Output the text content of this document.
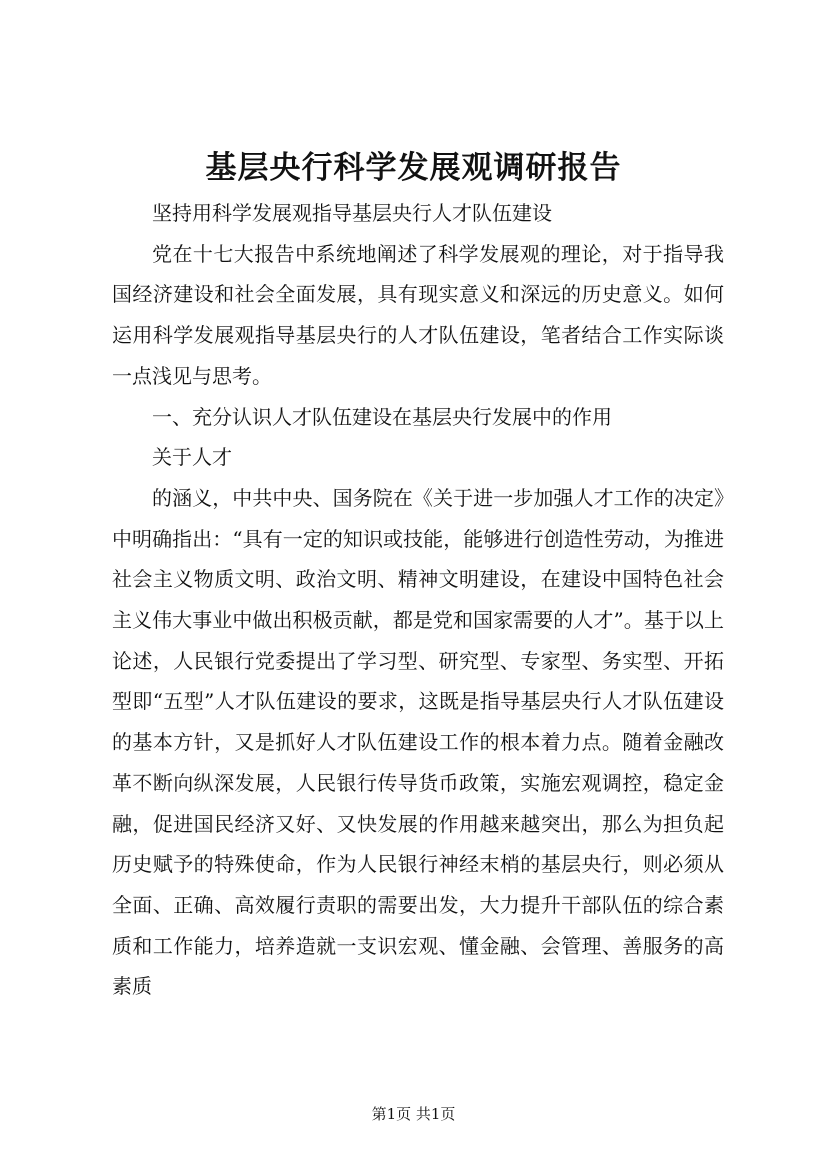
基层央行科学发展观调研报告

坚持用科学发展观指导基层央行人才队伍建设

党在十七大报告中系统地阐述了科学发展观的理论，对于指导我国经济建设和社会全面发展，具有现实意义和深远的历史意义。如何运用科学发展观指导基层央行的人才队伍建设，笔者结合工作实际谈一点浅见与思考。

一、充分认识人才队伍建设在基层央行发展中的作用

关于人才

的涵义，中共中央、国务院在《关于进一步加强人才工作的决定》中明确指出：“具有一定的知识或技能，能够进行创造性劳动，为推进社会主义物质文明、政治文明、精神文明建设，在建设中国特色社会主义伟大事业中做出积极贡献，都是党和国家需要的人才”。基于以上论述，人民银行党委提出了学习型、研究型、专家型、务实型、开拓型即“五型”人才队伍建设的要求，这既是指导基层央行人才队伍建设的基本方针，又是抓好人才队伍建设工作的根本着力点。随着金融改革不断向纵深发展，人民银行传导货币政策，实施宏观调控，稳定金融，促进国民经济又好、又快发展的作用越来越突出，那么为担负起历史赋予的特殊使命，作为人民银行神经末梢的基层央行，则必须从全面、正确、高效履行责职的需要出发，大力提升干部队伍的综合素质和工作能力，培养造就一支识宏观、懂金融、会管理、善服务的高素质

第1页 共1页
